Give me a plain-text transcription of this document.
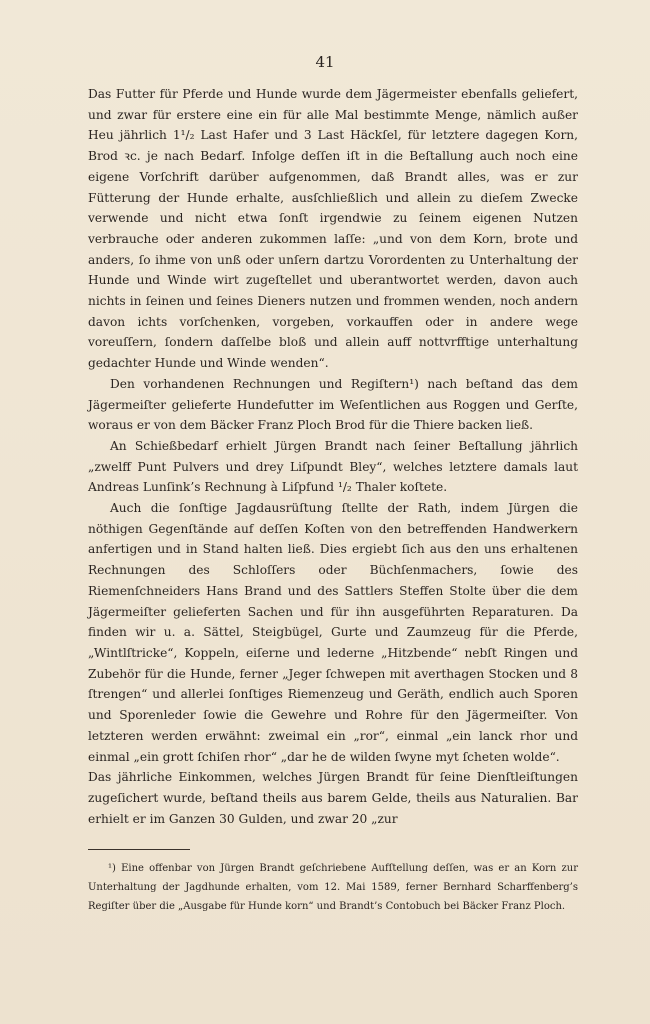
41

Das Futter für Pferde und Hunde wurde dem Jägermeister ebenfalls geliefert, und zwar für erstere eine ein für alle Mal bestimmte Menge, nämlich außer Heu jährlich 1¹/₂ Last Hafer und 3 Last Häckſel, für letztere dagegen Korn, Brod ꝛc. je nach Bedarf. Infolge deſſen iſt in die Beſtallung auch noch eine eigene Vorſchrift darüber aufgenommen, daß Brandt alles, was er zur Fütterung der Hunde erhalte, ausſchließlich und allein zu dieſem Zwecke verwende und nicht etwa ſonſt irgendwie zu ſeinem eigenen Nutzen verbrauche oder anderen zukommen laſſe: „und von dem Korn, brote und anders, ſo ihme von unß oder unſern dartzu Vorordenten zu Unterhaltung der Hunde und Winde wirt zugeſtellet und uberantwortet werden, davon auch nichts in ſeinen und ſeines Dieners nutzen und frommen wenden, noch andern davon ichts vorſchenken, vorgeben, vorkauffen oder in andere wege voreuſſern, ſondern daſſelbe bloß und allein auff nottvrfftige unterhaltung gedachter Hunde und Winde wenden“.

Den vorhandenen Rechnungen und Regiſtern¹) nach beſtand das dem Jägermeiſter gelieferte Hundefutter im Weſentlichen aus Roggen und Gerſte, woraus er von dem Bäcker Franz Ploch Brod für die Thiere backen ließ.

An Schießbedarf erhielt Jürgen Brandt nach ſeiner Beſtallung jährlich „zwelff Punt Pulvers und drey Liſpundt Bley“, welches letztere damals laut Andreas Lunſink’s Rechnung à Liſpfund ¹/₂ Thaler koſtete.

Auch die ſonſtige Jagdausrüſtung ſtellte der Rath, indem Jürgen die nöthigen Gegenſtände auf deſſen Koſten von den betreffenden Handwerkern anfertigen und in Stand halten ließ. Dies ergiebt ſich aus den uns erhaltenen Rechnungen des Schloſſers oder Büchſenmachers, ſowie des Riemenſchneiders Hans Brand und des Sattlers Steffen Stolte über die dem Jägermeiſter gelieferten Sachen und für ihn ausgeführten Reparaturen. Da finden wir u. a. Sättel, Steigbügel, Gurte und Zaumzeug für die Pferde, „Wintlſtricke“, Koppeln, eiſerne und lederne „Hitzbende“ nebſt Ringen und Zubehör für die Hunde, ferner „Jeger ſchwepen mit averthagen Stocken und 8 ſtrengen“ und allerlei ſonſtiges Riemenzeug und Geräth, endlich auch Sporen und Sporenleder ſowie die Gewehre und Rohre für den Jägermeiſter. Von letzteren werden erwähnt: zweimal ein „ror“, einmal „ein lanck rhor und einmal „ein grott ſchiſen rhor“ „dar he de wilden ſwyne myt ſcheten wolde“.

Das jährliche Einkommen, welches Jürgen Brandt für ſeine Dienſtleiſtungen zugeſichert wurde, beſtand theils aus barem Gelde, theils aus Naturalien. Bar erhielt er im Ganzen 30 Gulden, und zwar 20 „zur

¹) Eine offenbar von Jürgen Brandt geſchriebene Aufſtellung deſſen, was er an Korn zur Unterhaltung der Jagdhunde erhalten, vom 12. Mai 1589, ferner Bernhard Scharffenberg’s Regiſter über die „Ausgabe für Hunde korn“ und Brandt’s Contobuch bei Bäcker Franz Ploch.
